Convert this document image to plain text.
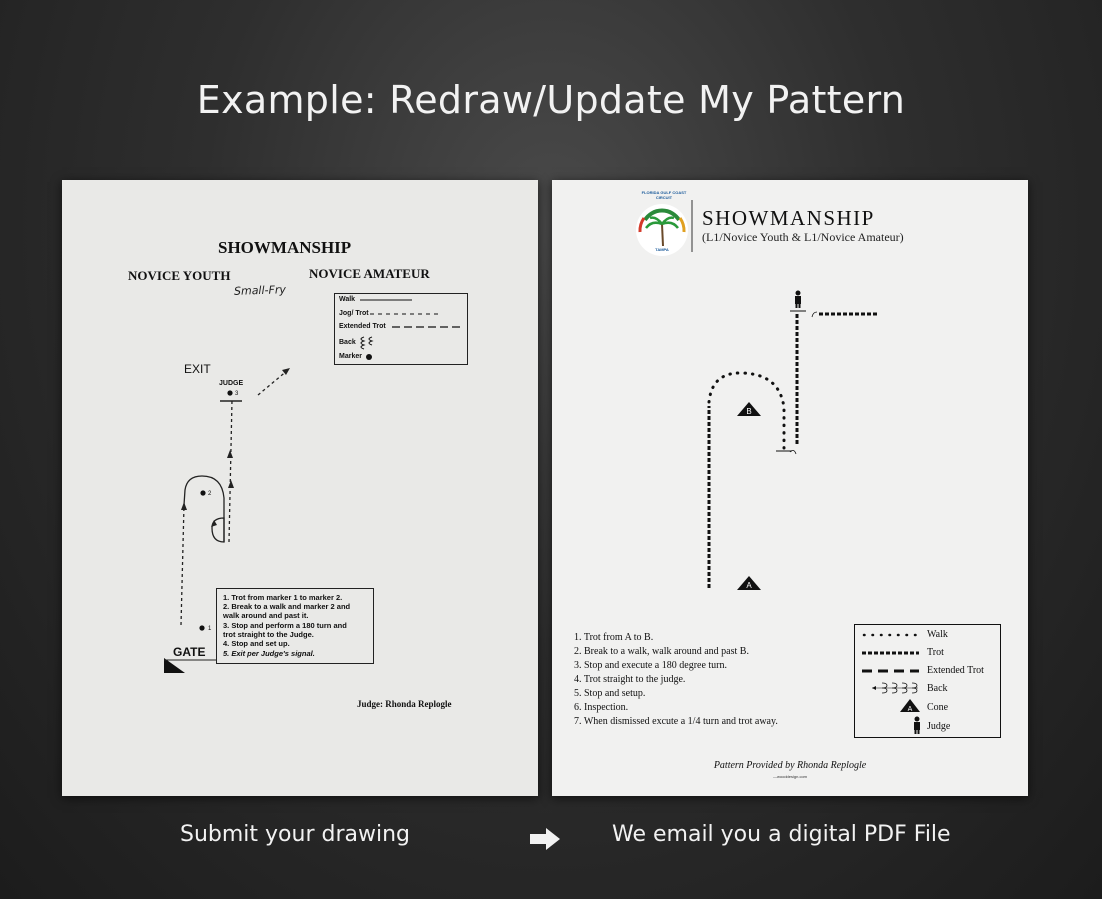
Example: Redraw/Update My Pattern
1
2
3
SHOWMANSHIP
NOVICE YOUTH	NOVICE AMATEUR
Small-Fry
EXIT
JUDGE
GATE
Walk
Jog/ Trot
Extended Trot
Back
Marker
1. Trot from marker 1 to marker 2.
2. Break to a walk and marker 2 and
walk around and past it.
3. Stop and perform a 180 turn and
trot straight to the Judge.
4. Stop and set up.
5. Exit per Judge's signal.
Judge: Rhonda Replogle
TAMPA
B
A
A
FLORIDA GULF COAST CIRCUIT
SHOWMANSHIP
(L1/Novice Youth & L1/Novice Amateur)
1. Trot from A to B.
2. Break to a walk, walk around and past B.
3. Stop and execute a 180 degree turn.
4. Trot straight to the judge.
5. Stop and setup.
6. Inspection.
7. When dismissed excute a 1/4 turn and trot away.
Walk
Trot
Extended Trot
Back
Cone
Judge
Pattern Provided by Rhonda Replogle
—wooddesign.com
Submit your drawing	We email you a digital PDF File
